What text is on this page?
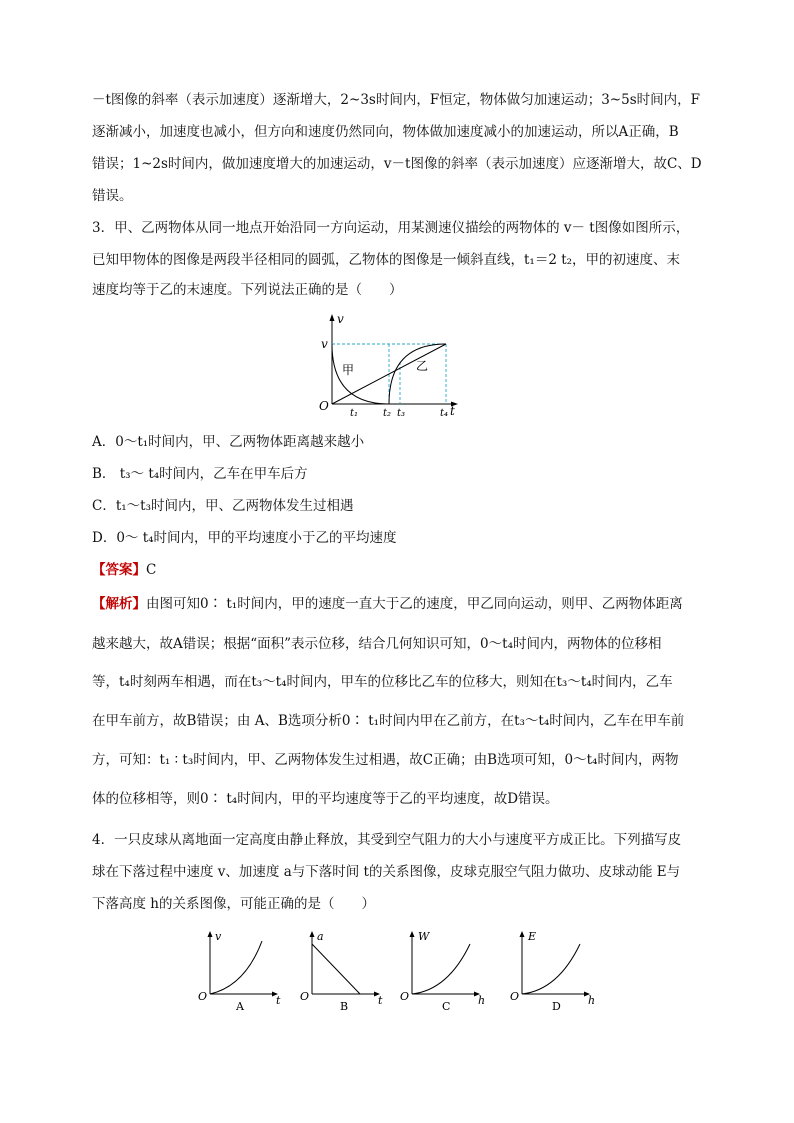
－t图像的斜率（表示加速度）逐渐增大，2~3s时间内，F恒定，物体做匀加速运动；3~5s时间内，F
逐渐减小，加速度也减小，但方向和速度仍然同向，物体做加速度减小的加速运动，所以A正确，B
错误；1~2s时间内，做加速度增大的加速运动，v－t图像的斜率（表示加速度）应逐渐增大，故C、D
错误。
3．甲、乙两物体从同一地点开始沿同一方向运动，用某测速仪描绘的两物体的 v－ t图像如图所示，
已知甲物体的图像是两段半径相同的圆弧，乙物体的图像是一倾斜直线，t₁＝2 t₂，甲的初速度、末
速度均等于乙的末速度。下列说法正确的是（　　）
v
v
O	t
甲	乙
t₁ t₂ t₃	t₄
A．0～t₁时间内，甲、乙两物体距离越来越小
B． t₃～ t₄时间内，乙车在甲车后方
C．t₁～t₃时间内，甲、乙两物体发生过相遇
D．0～ t₄时间内，甲的平均速度小于乙的平均速度
【答案】C
【解析】由图可知0∶ t₁时间内，甲的速度一直大于乙的速度，甲乙同向运动，则甲、乙两物体距离
越来越大，故A错误；根据“面积”表示位移，结合几何知识可知，0～t₄时间内，两物体的位移相
等，t₄时刻两车相遇，而在t₃～t₄时间内，甲车的位移比乙车的位移大，则知在t₃～t₄时间内，乙车
在甲车前方，故B错误；由 A、B选项分析0∶ t₁时间内甲在乙前方，在t₃～t₄时间内，乙车在甲车前
方，可知：t₁ ∶ t₃时间内，甲、乙两物体发生过相遇，故C正确；由B选项可知，0～t₄时间内，两物
体的位移相等，则0∶ t₄时间内，甲的平均速度等于乙的平均速度，故D错误。
4．一只皮球从离地面一定高度由静止释放，其受到空气阻力的大小与速度平方成正比。下列描写皮
球在下落过程中速度 v、加速度 a与下落时间 t的关系图像，皮球克服空气阻力做功、皮球动能 E与
下落高度 h的关系图像，可能正确的是（　　）
v
O	t
A
a
O	t
B
W
O	h
C
E
O	h
D
